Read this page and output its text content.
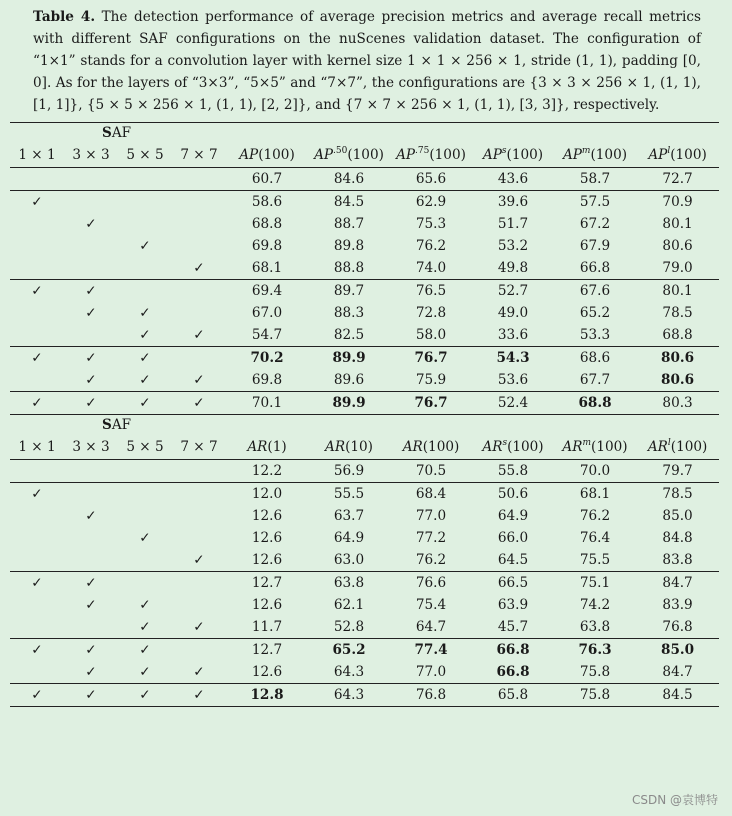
Table 4. The detection performance of average precision metrics and average recall metrics with different SAF configurations on the nuScenes validation dataset. The configuration of “1×1” stands for a convolution layer with kernel size 1 × 1 × 256 × 1, stride (1, 1), padding [0, 0]. As for the layers of “3×3”, “5×5” and “7×7”, the configurations are {3 × 3 × 256 × 1, (1, 1), [1, 1]}, {5 × 5 × 256 × 1, (1, 1), [2, 2]}, and {7 × 7 × 256 × 1, (1, 1), [3, 3]}, respectively.
SAF									
1 × 1	3 × 3	5 × 5	7 × 7	AP(100)	$AP^{.50}(100)$	$AP^{.75}(100)$	$AP^s(100)$	$AP^m(100)$	$AP^l(100)$
				60.7	84.6	65.6	43.6	58.7	72.7
✓				58.6	84.5	62.9	39.6	57.5	70.9
	✓			68.8	88.7	75.3	51.7	67.2	80.1
		✓		69.8	89.8	76.2	53.2	67.9	80.6
			✓	68.1	88.8	74.0	49.8	66.8	79.0
✓	✓			69.4	89.7	76.5	52.7	67.6	80.1
	✓	✓		67.0	88.3	72.8	49.0	65.2	78.5
		✓	✓	54.7	82.5	58.0	33.6	53.3	68.8
✓	✓	✓		70.2	89.9	76.7	54.3	68.6	80.6
	✓	✓	✓	69.8	89.6	75.9	53.6	67.7	80.6
✓	✓	✓	✓	70.1	89.9	76.7	52.4	68.8	80.3
SAF									
1 × 1	3 × 3	5 × 5	7 × 7	AR(1)	AR(10)	AR(100)	$AR^s(100)$	$AR^m(100)$	$AR^l(100)$
				12.2	56.9	70.5	55.8	70.0	79.7
✓				12.0	55.5	68.4	50.6	68.1	78.5
	✓			12.6	63.7	77.0	64.9	76.2	85.0
		✓		12.6	64.9	77.2	66.0	76.4	84.8
			✓	12.6	63.0	76.2	64.5	75.5	83.8
✓	✓			12.7	63.8	76.6	66.5	75.1	84.7
	✓	✓		12.6	62.1	75.4	63.9	74.2	83.9
		✓	✓	11.7	52.8	64.7	45.7	63.8	76.8
✓	✓	✓		12.7	65.2	77.4	66.8	76.3	85.0
	✓	✓	✓	12.6	64.3	77.0	66.8	75.8	84.7
✓	✓	✓	✓	12.8	64.3	76.8	65.8	75.8	84.5
CSDN @袁博特
